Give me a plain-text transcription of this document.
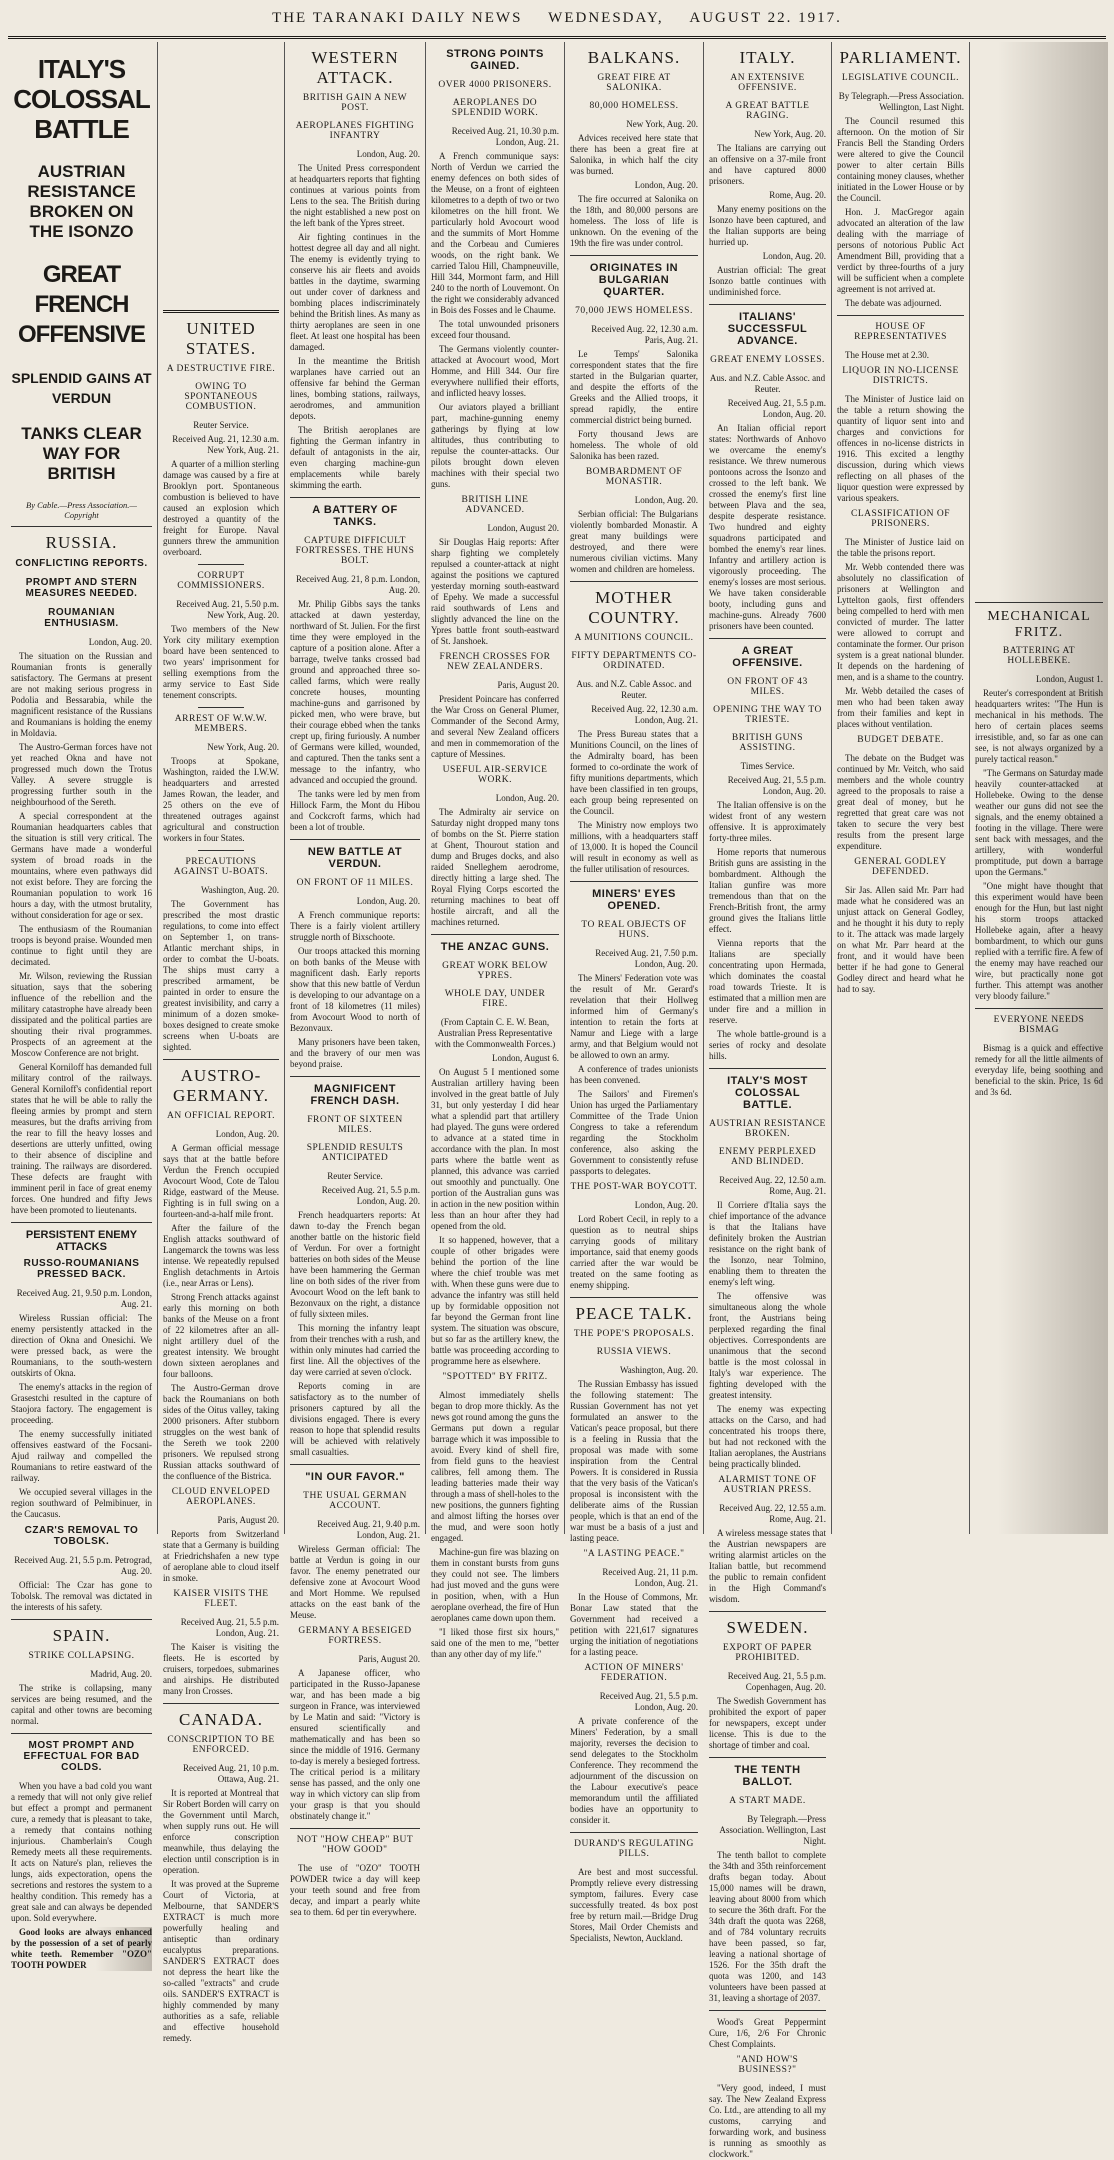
THE TARANAKI DAILY NEWS WEDNESDAY, AUGUST 22. 1917.
ITALY'S COLOSSAL BATTLE
AUSTRIAN RESISTANCE BROKEN ON THE ISONZO
GREAT FRENCH OFFENSIVE
SPLENDID GAINS AT VERDUN
TANKS CLEAR WAY FOR BRITISH
By Cable.—Press Association.—Copyright
RUSSIA.
CONFLICTING REPORTS.
PROMPT AND STERN MEASURES NEEDED.
ROUMANIAN ENTHUSIASM.
London, Aug. 20.

The situation on the Russian and Roumanian fronts is generally satisfactory. The Germans at present are not making serious progress in Podolia and Bessarabia, while the magnificent resistance of the Russians and Roumanians is holding the enemy in Moldavia.

The Austro-German forces have not yet reached Okna and have not progressed much down the Trotus Valley. A severe struggle is progressing further south in the neighbourhood of the Sereth.

A special correspondent at the Roumanian headquarters cables that the situation is still very critical. The Germans have made a wonderful system of broad roads in the mountains, where even pathways did not exist before. They are forcing the Roumanian population to work 16 hours a day, with the utmost brutality, without consideration for age or sex.

The enthusiasm of the Roumanian troops is beyond praise. Wounded men continue to fight until they are decimated.

Mr. Wilson, reviewing the Russian situation, says that the sobering influence of the rebellion and the military catastrophe have already been dissipated and the political parties are shouting their rival programmes. Prospects of an agreement at the Moscow Conference are not bright.

General Korniloff has demanded full military control of the railways. General Korniloff's confidential report states that he will be able to rally the fleeing armies by prompt and stern measures, but the drafts arriving from the rear to fill the heavy losses and desertions are utterly unfitted, owing to their absence of discipline and training. The railways are disordered. These defects are fraught with imminent peril in face of great enemy forces. One hundred and fifty Jews have been promoted to lieutenants.

PERSISTENT ENEMY ATTACKS
RUSSO-ROUMANIANS PRESSED BACK.
Received Aug. 21, 9.50 p.m. London, Aug. 21.

Wireless Russian official: The enemy persistently attacked in the direction of Okna and Onesichi. We were pressed back, as were the Roumanians, to the south-western outskirts of Okna.

The enemy's attacks in the region of Grasestchi resulted in the capture of Staojora factory. The engagement is proceeding.

The enemy successfully initiated offensives eastward of the Focsani-Ajud railway and compelled the Roumanians to retire eastward of the railway.

We occupied several villages in the region southward of Pelmibinuer, in the Caucasus.

CZAR'S REMOVAL TO TOBOLSK.
Received Aug. 21, 5.5 p.m. Petrograd, Aug. 20.

Official: The Czar has gone to Tobolsk. The removal was dictated in the interests of his safety.

SPAIN.
STRIKE COLLAPSING.
Madrid, Aug. 20.

The strike is collapsing, many services are being resumed, and the capital and other towns are becoming normal.

MOST PROMPT AND EFFECTUAL FOR BAD COLDS.

When you have a bad cold you want a remedy that will not only give relief but effect a prompt and permanent cure, a remedy that is pleasant to take, a remedy that contains nothing injurious. Chamberlain's Cough Remedy meets all these requirements. It acts on Nature's plan, relieves the lungs, aids expectoration, opens the secretions and restores the system to a healthy condition. This remedy has a great sale and can always be depended upon. Sold everywhere.

Good looks are always enhanced by the possession of a set of pearly white teeth. Remember "OZO" TOOTH POWDER

UNITED STATES.
A DESTRUCTIVE FIRE.
OWING TO SPONTANEOUS COMBUSTION.
Reuter Service.
Received Aug. 21, 12.30 a.m. New York, Aug. 21.

A quarter of a million sterling damage was caused by a fire at Brooklyn port. Spontaneous combustion is believed to have caused an explosion which destroyed a quantity of the freight for Europe. Naval gunners threw the ammunition overboard.

CORRUPT COMMISSIONERS.
Received Aug. 21, 5.50 p.m. New York, Aug. 20.

Two members of the New York city military exemption board have been sentenced to two years' imprisonment for selling exemptions from the army service to East Side tenement conscripts.

ARREST OF W.W.W. MEMBERS.
New York, Aug. 20.

Troops at Spokane, Washington, raided the I.W.W. headquarters and arrested James Rowan, the leader, and 25 others on the eve of threatened outrages against agricultural and construction workers in four States.

PRECAUTIONS AGAINST U-BOATS.
Washington, Aug. 20.

The Government has prescribed the most drastic regulations, to come into effect on September 1, on trans-Atlantic merchant ships, in order to combat the U-boats. The ships must carry a prescribed armament, be painted in order to ensure the greatest invisibility, and carry a minimum of a dozen smoke-boxes designed to create smoke screens when U-boats are sighted.

AUSTRO-GERMANY.
AN OFFICIAL REPORT.
London, Aug. 20.

A German official message says that at the battle before Verdun the French occupied Avocourt Wood, Cote de Talou Ridge, eastward of the Meuse. Fighting is in full swing on a fourteen-and-a-half mile front.

After the failure of the English attacks southward of Langemarck the towns was less intense. We repeatedly repulsed English detachments in Artois (i.e., near Arras or Lens).

Strong French attacks against early this morning on both banks of the Meuse on a front of 22 kilometres after an all-night artillery duel of the greatest intensity. We brought down sixteen aeroplanes and four balloons.

The Austro-German drove back the Roumanians on both sides of the Oitus valley, taking 2000 prisoners. After stubborn struggles on the west bank of the Sereth we took 2200 prisoners. We repulsed strong Russian attacks southward of the confluence of the Bistrica.

CLOUD ENVELOPED AEROPLANES.
Paris, August 20.

Reports from Switzerland state that a Germany is building at Friedrichshafen a new type of aeroplane able to cloud itself in smoke.

KAISER VISITS THE FLEET.
Received Aug. 21, 5.5 p.m. London, Aug. 21.

The Kaiser is visiting the fleets. He is escorted by cruisers, torpedoes, submarines and airships. He distributed many Iron Crosses.

CANADA.
CONSCRIPTION TO BE ENFORCED.
Received Aug. 21, 10 p.m. Ottawa, Aug. 21.

It is reported at Montreal that Sir Robert Borden will carry on the Government until March, when supply runs out. He will enforce conscription meanwhile, thus delaying the election until conscription is in operation.

It was proved at the Supreme Court of Victoria, at Melbourne, that SANDER'S EXTRACT is much more powerfully healing and antiseptic than ordinary eucalyptus preparations. SANDER'S EXTRACT does not depress the heart like the so-called "extracts" and crude oils. SANDER'S EXTRACT is highly commended by many authorities as a safe, reliable and effective household remedy.

WESTERN ATTACK.
BRITISH GAIN A NEW POST.
AEROPLANES FIGHTING INFANTRY
London, Aug. 20.

The United Press correspondent at headquarters reports that fighting continues at various points from Lens to the sea. The British during the night established a new post on the left bank of the Ypres street.

Air fighting continues in the hottest degree all day and all night. The enemy is evidently trying to conserve his air fleets and avoids battles in the daytime, swarming out under cover of darkness and bombing places indiscriminately behind the British lines. As many as thirty aeroplanes are seen in one fleet. At least one hospital has been damaged.

In the meantime the British warplanes have carried out an offensive far behind the German lines, bombing stations, railways, aerodromes, and ammunition depots.

The British aeroplanes are fighting the German infantry in default of antagonists in the air, even charging machine-gun emplacements while barely skimming the earth.

A BATTERY OF TANKS.
CAPTURE DIFFICULT FORTRESSES. THE HUNS BOLT.
Received Aug. 21, 8 p.m. London, Aug. 20.

Mr. Philip Gibbs says the tanks attacked at dawn yesterday, northward of St. Julien. For the first time they were employed in the capture of a position alone. After a barrage, twelve tanks crossed bad ground and approached three so-called farms, which were really concrete houses, mounting machine-guns and garrisoned by picked men, who were brave, but their courage ebbed when the tanks crept up, firing furiously. A number of Germans were killed, wounded, and captured. Then the tanks sent a message to the infantry, who advanced and occupied the ground.

The tanks were led by men from Hillock Farm, the Mont du Hibou and Cockcroft farms, which had been a lot of trouble.

NEW BATTLE AT VERDUN.
ON FRONT OF 11 MILES.
London, Aug. 20.

A French communique reports: There is a fairly violent artillery struggle north of Bixschoote.

Our troops attacked this morning on both banks of the Meuse with magnificent dash. Early reports show that this new battle of Verdun is developing to our advantage on a front of 18 kilometres (11 miles) from Avocourt Wood to north of Bezonvaux.

Many prisoners have been taken, and the bravery of our men was beyond praise.

MAGNIFICENT FRENCH DASH.
FRONT OF SIXTEEN MILES.
SPLENDID RESULTS ANTICIPATED
Reuter Service.
Received Aug. 21, 5.5 p.m. London, Aug. 20.

French headquarters reports: At dawn to-day the French began another battle on the historic field of Verdun. For over a fortnight batteries on both sides of the Meuse have been hammering the German line on both sides of the river from Avocourt Wood on the left bank to Bezonvaux on the right, a distance of fully sixteen miles.

This morning the infantry leapt from their trenches with a rush, and within only minutes had carried the first line. All the objectives of the day were carried at seven o'clock.

Reports coming in are satisfactory as to the number of prisoners captured by all the divisions engaged. There is every reason to hope that splendid results will be achieved with relatively small casualties.

"IN OUR FAVOR."
THE USUAL GERMAN ACCOUNT.
Received Aug. 21, 9.40 p.m. London, Aug. 21.

Wireless German official: The battle at Verdun is going in our favor. The enemy penetrated our defensive zone at Avocourt Wood and Mort Homme. We repulsed attacks on the east bank of the Meuse.

GERMANY A BESEIGED FORTRESS.
Paris, August 20.

A Japanese officer, who participated in the Russo-Japanese war, and has been made a big surgeon in France, was interviewed by Le Matin and said: "Victory is ensured scientifically and mathematically and has been so since the middle of 1916. Germany to-day is merely a besieged fortress. The critical period is a military sense has passed, and the only one way in which victory can slip from your grasp is that you should obstinately change it."

NOT "HOW CHEAP" BUT "HOW GOOD"

The use of "OZO" TOOTH POWDER twice a day will keep your teeth sound and free from decay, and impart a pearly white sea to them. 6d per tin everywhere.

STRONG POINTS GAINED.
OVER 4000 PRISONERS.
AEROPLANES DO SPLENDID WORK.
Received Aug. 21, 10.30 p.m. London, Aug. 21.

A French communique says: North of Verdun we carried the enemy defences on both sides of the Meuse, on a front of eighteen kilometres to a depth of two or two kilometres on the hill front. We particularly hold Avocourt wood and the summits of Mort Homme and the Corbeau and Cumieres woods, on the right bank. We carried Talou Hill, Champneuville, Hill 344, Mormont farm, and Hill 240 to the north of Louvemont. On the right we considerably advanced in Bois des Fosses and le Chaume.

The total unwounded prisoners exceed four thousand.

The Germans violently counter-attacked at Avocourt wood, Mort Homme, and Hill 344. Our fire everywhere nullified their efforts, and inflicted heavy losses.

Our aviators played a brilliant part, machine-gunning enemy gatherings by flying at low altitudes, thus contributing to repulse the counter-attacks. Our pilots brought down eleven machines with their special two guns.

BRITISH LINE ADVANCED.
London, August 20.

Sir Douglas Haig reports: After sharp fighting we completely repulsed a counter-attack at night against the positions we captured yesterday morning south-eastward of Epehy. We made a successful raid southwards of Lens and slightly advanced the line on the Ypres battle front south-eastward of St. Janshoek.

FRENCH CROSSES FOR NEW ZEALANDERS.
Paris, August 20.

President Poincare has conferred the War Cross on General Plumer, Commander of the Second Army, and several New Zealand officers and men in commemoration of the capture of Messines.

USEFUL AIR-SERVICE WORK.
London, Aug. 20.

The Admiralty air service on Saturday night dropped many tons of bombs on the St. Pierre station at Ghent, Thourout station and dump and Bruges docks, and also raided Snelleghem aerodrome, directly hitting a large shed. The Royal Flying Corps escorted the returning machines to beat off hostile aircraft, and all the machines returned.

THE ANZAC GUNS.
GREAT WORK BELOW YPRES.
WHOLE DAY, UNDER FIRE.
(From Captain C. E. W. Bean, Australian Press Representative with the Commonwealth Forces.)
London, August 6.

On August 5 I mentioned some Australian artillery having been involved in the great battle of July 31, but only yesterday I did hear what a splendid part that artillery had played. The guns were ordered to advance at a stated time in accordance with the plan. In most parts where the battle went as planned, this advance was carried out smoothly and punctually. One portion of the Australian guns was in action in the new position within less than an hour after they had opened from the old.

It so happened, however, that a couple of other brigades were behind the portion of the line where the chief trouble was met with. When these guns were due to advance the infantry was still held up by formidable opposition not far beyond the German front line system. The situation was obscure, but so far as the artillery knew, the battle was proceeding according to programme here as elsewhere.

"SPOTTED" BY FRITZ.

Almost immediately shells began to drop more thickly. As the news got round among the guns the Germans put down a regular barrage which it was impossible to avoid. Every kind of shell fire, from field guns to the heaviest calibres, fell among them. The leading batteries made their way through a mass of shell-holes to the new positions, the gunners fighting and almost lifting the horses over the mud, and were soon hotly engaged.

Machine-gun fire was blazing on them in constant bursts from guns they could not see. The limbers had just moved and the guns were in position, when, with a Hun aeroplane overhead, the fire of Hun aeroplanes came down upon them.

"I liked those first six hours," said one of the men to me, "better than any other day of my life."

BALKANS.
GREAT FIRE AT SALONIKA.
80,000 HOMELESS.
New York, Aug. 20.

Advices received here state that there has been a great fire at Salonika, in which half the city was burned.

London, Aug. 20.

The fire occurred at Salonika on the 18th, and 80,000 persons are homeless. The loss of life is unknown. On the evening of the 19th the fire was under control.

ORIGINATES IN BULGARIAN QUARTER.
70,000 JEWS HOMELESS.
Received Aug. 22, 12.30 a.m. Paris, Aug. 21.

Le Temps' Salonika correspondent states that the fire started in the Bulgarian quarter, and despite the efforts of the Greeks and the Allied troops, it spread rapidly, the entire commercial district being burned.

Forty thousand Jews are homeless. The whole of old Salonika has been razed.

BOMBARDMENT OF MONASTIR.
London, Aug. 20.

Serbian official: The Bulgarians violently bombarded Monastir. A great many buildings were destroyed, and there were numerous civilian victims. Many women and children are homeless.

MOTHER COUNTRY.
A MUNITIONS COUNCIL.
FIFTY DEPARTMENTS CO-ORDINATED.
Aus. and N.Z. Cable Assoc. and Reuter.
Received Aug. 22, 12.30 a.m. London, Aug. 21.

The Press Bureau states that a Munitions Council, on the lines of the Admiralty board, has been formed to co-ordinate the work of fifty munitions departments, which have been classified in ten groups, each group being represented on the Council.

The Ministry now employs two millions, with a headquarters staff of 13,000. It is hoped the Council will result in economy as well as the fuller utilisation of resources.

MINERS' EYES OPENED.
TO REAL OBJECTS OF HUNS.
Received Aug. 21, 7.50 p.m. London, Aug. 20.

The Miners' Federation vote was the result of Mr. Gerard's revelation that their Hollweg informed him of Germany's intention to retain the forts at Namur and Liege with a large army, and that Belgium would not be allowed to own an army.

A conference of trades unionists has been convened.

The Sailors' and Firemen's Union has urged the Parliamentary Committee of the Trade Union Congress to take a referendum regarding the Stockholm conference, also asking the Government to consistently refuse passports to delegates.

THE POST-WAR BOYCOTT.
London, Aug. 20.

Lord Robert Cecil, in reply to a question as to neutral ships carrying goods of military importance, said that enemy goods carried after the war would be treated on the same footing as enemy shipping.

PEACE TALK.
THE POPE'S PROPOSALS.
RUSSIA VIEWS.
Washington, Aug. 20.

The Russian Embassy has issued the following statement: The Russian Government has not yet formulated an answer to the Vatican's peace proposal, but there is a feeling in Russia that the proposal was made with some inspiration from the Central Powers. It is considered in Russia that the very basis of the Vatican's proposal is inconsistent with the deliberate aims of the Russian people, which is that an end of the war must be a basis of a just and lasting peace.

"A LASTING PEACE."
Received Aug. 21, 11 p.m. London, Aug. 21.

In the House of Commons, Mr. Bonar Law stated that the Government had received a petition with 221,617 signatures urging the initiation of negotiations for a lasting peace.

ACTION OF MINERS' FEDERATION.
Received Aug. 21, 5.5 p.m. London, Aug. 20.

A private conference of the Miners' Federation, by a small majority, reverses the decision to send delegates to the Stockholm Conference. They recommend the adjournment of the discussion on the Labour executive's peace memorandum until the affiliated bodies have an opportunity to consider it.

DURAND'S REGULATING PILLS.

Are best and most successful. Promptly relieve every distressing symptom, failures. Every case successfully treated. 4s box post free by return mail.—Bridge Drug Stores, Mail Order Chemists and Specialists, Newton, Auckland.

ITALY.
AN EXTENSIVE OFFENSIVE.
A GREAT BATTLE RAGING.
New York, Aug. 20.

The Italians are carrying out an offensive on a 37-mile front and have captured 8000 prisoners.

Rome, Aug. 20.

Many enemy positions on the Isonzo have been captured, and the Italian supports are being hurried up.

London, Aug. 20.

Austrian official: The great Isonzo battle continues with undiminished force.

ITALIANS' SUCCESSFUL ADVANCE.
GREAT ENEMY LOSSES.
Aus. and N.Z. Cable Assoc. and Reuter.
Received Aug. 21, 5.5 p.m. London, Aug. 20.

An Italian official report states: Northwards of Anhovo we overcame the enemy's resistance. We threw numerous pontoons across the Isonzo and crossed to the left bank. We crossed the enemy's first line between Plava and the sea, despite desperate resistance. Two hundred and eighty squadrons participated and bombed the enemy's rear lines. Infantry and artillery action is vigorously proceeding. The enemy's losses are most serious. We have taken considerable booty, including guns and machine-guns. Already 7600 prisoners have been counted.

A GREAT OFFENSIVE.
ON FRONT OF 43 MILES.
OPENING THE WAY TO TRIESTE.
BRITISH GUNS ASSISTING.
Times Service.
Received Aug. 21, 5.5 p.m. London, Aug. 20.

The Italian offensive is on the widest front of any western offensive. It is approximately forty-three miles.

Home reports that numerous British guns are assisting in the bombardment. Although the Italian gunfire was more tremendous than that on the French-British front, the army ground gives the Italians little effect.

Vienna reports that the Italians are specially concentrating upon Hermada, which dominates the coastal road towards Trieste. It is estimated that a million men are under fire and a million in reserve.

The whole battle-ground is a series of rocky and desolate hills.

ITALY'S MOST COLOSSAL BATTLE.
AUSTRIAN RESISTANCE BROKEN.
ENEMY PERPLEXED AND BLINDED.
Received Aug. 22, 12.50 a.m. Rome, Aug. 21.

Il Corriere d'Italia says the chief importance of the advance is that the Italians have definitely broken the Austrian resistance on the right bank of the Isonzo, near Tolmino, enabling them to threaten the enemy's left wing.

The offensive was simultaneous along the whole front, the Austrians being perplexed regarding the final objectives. Correspondents are unanimous that the second battle is the most colossal in Italy's war experience. The fighting developed with the greatest intensity.

The enemy was expecting attacks on the Carso, and had concentrated his troops there, but had not reckoned with the Italian aeroplanes, the Austrians being practically blinded.

ALARMIST TONE OF AUSTRIAN PRESS.
Received Aug. 22, 12.55 a.m. Rome, Aug. 21.

A wireless message states that the Austrian newspapers are writing alarmist articles on the Italian battle, but recommend the public to remain confident in the High Command's wisdom.

SWEDEN.
EXPORT OF PAPER PROHIBITED.
Received Aug. 21, 5.5 p.m. Copenhagen, Aug. 20.

The Swedish Government has prohibited the export of paper for newspapers, except under license. This is due to the shortage of timber and coal.

THE TENTH BALLOT.
A START MADE.
By Telegraph.—Press Association. Wellington, Last Night.

The tenth ballot to complete the 34th and 35th reinforcement drafts began today. About 15,000 names will be drawn, leaving about 8000 from which to secure the 36th draft. For the 34th draft the quota was 2268, and of 784 voluntary recruits have been passed, so far, leaving a national shortage of 1526. For the 35th draft the quota was 1200, and 143 volunteers have been passed at 31, leaving a shortage of 2037.

Wood's Great Peppermint Cure, 1/6, 2/6 For Chronic Chest Complaints.

"AND HOW'S BUSINESS?"

"Very good, indeed, I must say. The New Zealand Express Co. Ltd., are attending to all my customs, carrying and forwarding work, and business is running as smoothly as clockwork."

PARLIAMENT.
LEGISLATIVE COUNCIL.
By Telegraph.—Press Association. Wellington, Last Night.

The Council resumed this afternoon. On the motion of Sir Francis Bell the Standing Orders were altered to give the Council power to alter certain Bills containing money clauses, whether initiated in the Lower House or by the Council.

Hon. J. MacGregor again advocated an alteration of the law dealing with the marriage of persons of notorious Public Act Amendment Bill, providing that a verdict by three-fourths of a jury will be sufficient when a complete agreement is not arrived at.

The debate was adjourned.

HOUSE OF REPRESENTATIVES

The House met at 2.30.

LIQUOR IN NO-LICENSE DISTRICTS.

The Minister of Justice laid on the table a return showing the quantity of liquor sent into and charges and convictions for offences in no-license districts in 1916. This excited a lengthy discussion, during which views reflecting on all phases of the liquor question were expressed by various speakers.

CLASSIFICATION OF PRISONERS.

The Minister of Justice laid on the table the prisons report.

Mr. Webb contended there was absolutely no classification of prisoners at Wellington and Lyttelton gaols, first offenders being compelled to herd with men convicted of murder. The latter were allowed to corrupt and contaminate the former. Our prison system is a great national blunder. It depends on the hardening of men, and is a shame to the country.

Mr. Webb detailed the cases of men who had been taken away from their families and kept in places without ventilation.

BUDGET DEBATE.

The debate on the Budget was continued by Mr. Veitch, who said members and the whole country agreed to the proposals to raise a great deal of money, but he regretted that great care was not taken to secure the very best results from the present large expenditure.

GENERAL GODLEY DEFENDED.

Sir Jas. Allen said Mr. Parr had made what he considered was an unjust attack on General Godley, and he thought it his duty to reply to it. The attack was made largely on what Mr. Parr heard at the front, and it would have been better if he had gone to General Godley direct and heard what he had to say.

MECHANICAL FRITZ.
BATTERING AT HOLLEBEKE.
London, August 1.

Reuter's correspondent at British headquarters writes: "The Hun is mechanical in his methods. The hero of certain places seems irresistible, and, so far as one can see, is not always organized by a purely tactical reason."

"The Germans on Saturday made heavily counter-attacked at Hollebeke. Owing to the dense weather our guns did not see the signals, and the enemy obtained a footing in the village. There were sent back with messages, and the artillery, with wonderful promptitude, put down a barrage upon the Germans."

"One might have thought that this experiment would have been enough for the Hun, but last night his storm troops attacked Hollebeke again, after a heavy bombardment, to which our guns replied with a terrific fire. A few of the enemy may have reached our wire, but practically none got further. This attempt was another very bloody failure."

EVERYONE NEEDS BISMAG

Bismag is a quick and effective remedy for all the little ailments of everyday life, being soothing and beneficial to the skin. Price, 1s 6d and 3s 6d.
